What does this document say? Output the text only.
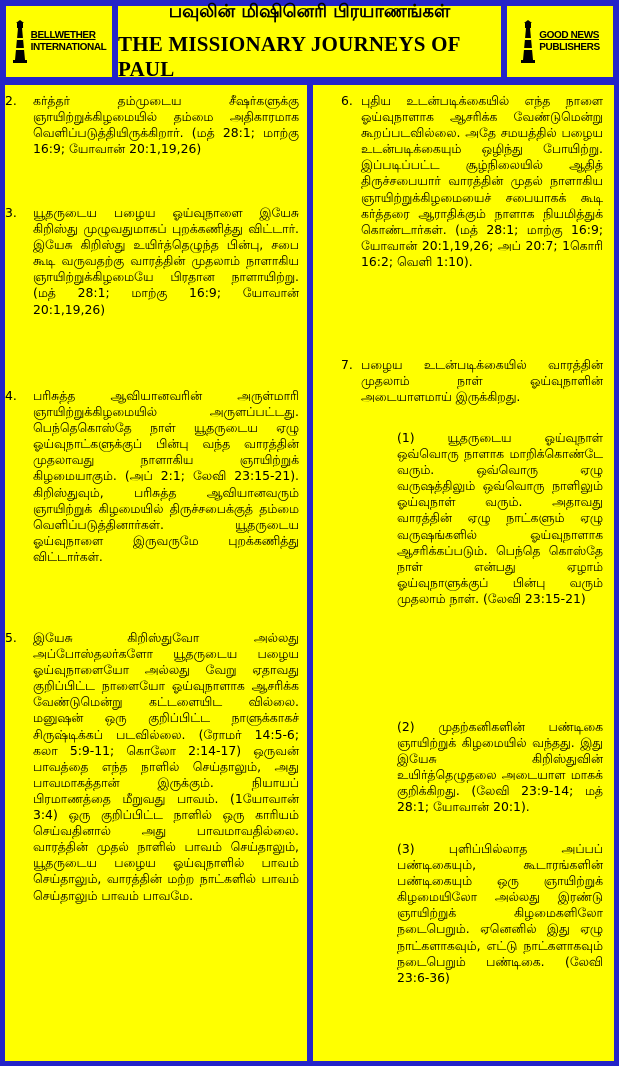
BELLWETHER
INTERNATIONAL
பவுலின் மிஷினெரி பிரயாணங்கள்
THE MISSIONARY JOURNEYS OF PAUL
GOOD NEWS
PUBLISHERS
2. கர்த்தர் தம்முடைய சீஷர்களுக்கு ஞாயிற்றுக்கிழமையில் தம்மை அதிகாரமாக வெளிப்படுத்தியிருக்கிறார். (மத் 28:1; மாற்கு 16:9; யோவான் 20:1,19,26)
3. யூதருடைய பழைய ஓய்வுநாளை இயேசு கிறிஸ்து முழுவதுமாகப் புறக்கணித்து விட்டார். இயேசு கிறிஸ்து உயிர்த்தெழுந்த பின்பு, சபை கூடி வருவதற்கு வாரத்தின் முதலாம் நாளாகிய ஞாயிற்றுக்கிழமையே பிரதான நாளாயிற்று. (மத் 28:1; மாற்கு 16:9; யோவான் 20:1,19,26)
4. பரிசுத்த ஆவியானவரின் அருள்மாரி ஞாயிற்றுக்கிழமையில் அருளப்பட்டது. பெந்தெகொஸ்தே நாள் யூதருடைய ஏழு ஓய்வுநாட்களுக்குப் பின்பு வந்த வாரத்தின் முதலாவது நாளாகிய ஞாயிற்றுக் கிழமையாகும். (அப் 2:1; லேவி 23:15-21). கிறிஸ்துவும், பரிசுத்த ஆவியானவரும் ஞாயிற்றுக் கிழமையில் திருச்சபைக்குத் தம்மை வெளிப்படுத்தினார்கள். யூதருடைய ஓய்வுநாளை இருவருமே புறக்கணித்து விட்டார்கள்.
5. இயேசு கிறிஸ்துவோ அல்லது அப்போஸ்தலர்களோ யூதருடைய பழைய ஓய்வுநாளையோ அல்லது வேறு ஏதாவது குறிப்பிட்ட நாளையோ ஓய்வுநாளாக ஆசரிக்க வேண்டுமென்று கட்டளையிட வில்லை. மனுஷன் ஒரு குறிப்பிட்ட நாளுக்காகச் சிருஷ்டிக்கப் படவில்லை. (ரோமர் 14:5-6; கலா 5:9-11; கொலோ 2:14-17) ஒருவன் பாவத்தை எந்த நாளில் செய்தாலும், அது பாவமாகத்தான் இருக்கும். நியாயப் பிரமாணத்தை மீறுவது பாவம். (1யோவான் 3:4) ஒரு குறிப்பிட்ட நாளில் ஒரு காரியம் செய்வதினால் அது பாவமாவதில்லை. வாரத்தின் முதல் நாளில் பாவம் செய்தாலும், யூதருடைய பழைய ஓய்வுநாளில் பாவம் செய்தாலும், வாரத்தின் மற்ற நாட்களில் பாவம் செய்தாலும் பாவம் பாவமே.
6. புதிய உடன்படிக்கையில் எந்த நாளை ஓய்வுநாளாக ஆசரிக்க வேண்டுமென்று கூறப்படவில்லை. அதே சமயத்தில் பழைய உடன்படிக்கையும் ஒழிந்து போயிற்று. இப்படிப்பட்ட சூழ்நிலையில் ஆதித் திருச்சபையார் வாரத்தின் முதல் நாளாகிய ஞாயிற்றுக்கிழமையைச் சபையாகக் கூடி கர்த்தரை ஆராதிக்கும் நாளாக நியமித்துக் கொண்டார்கள். (மத் 28:1; மாற்கு 16:9; யோவான் 20:1,19,26; அப் 20:7; 1கொரி 16:2; வெளி 1:10).
7. பழைய உடன்படிக்கையில் வாரத்தின் முதலாம் நாள் ஓய்வுநாளின் அடையாளமாய் இருக்கிறது.
(1) யூதருடைய ஓய்வுநாள் ஒவ்வொரு நாளாக மாறிக்கொண்டே வரும். ஒவ்வொரு ஏழு வருஷத்திலும் ஒவ்வொரு நாளிலும் ஓய்வுநாள் வரும். அதாவது வாரத்தின் ஏழு நாட்களும் ஏழு வருஷங்களில் ஓய்வுநாளாக ஆசரிக்கப்படும். பெந்தெ கொஸ்தே நாள் என்பது ஏழாம் ஓய்வுநாளுக்குப் பின்பு வரும் முதலாம் நாள். (லேவி 23:15-21)
(2) முதற்கனிகளின் பண்டிகை ஞாயிற்றுக் கிழமையில் வந்தது. இது இயேசு கிறிஸ்துவின் உயிர்த்தெழுதலை அடையாள மாகக் குறிக்கிறது. (லேவி 23:9-14; மத் 28:1; யோவான் 20:1).
(3) புளிப்பில்லாத அப்பப் பண்டிகையும், கூடாரங்களின் பண்டிகையும் ஒரு ஞாயிற்றுக் கிழமையிலோ அல்லது இரண்டு ஞாயிற்றுக் கிழமைகளிலோ நடைபெறும். ஏனெனில் இது ஏழு நாட்களாகவும், எட்டு நாட்களாகவும் நடைபெறும் பண்டிகை. (லேவி 23:6-36)
